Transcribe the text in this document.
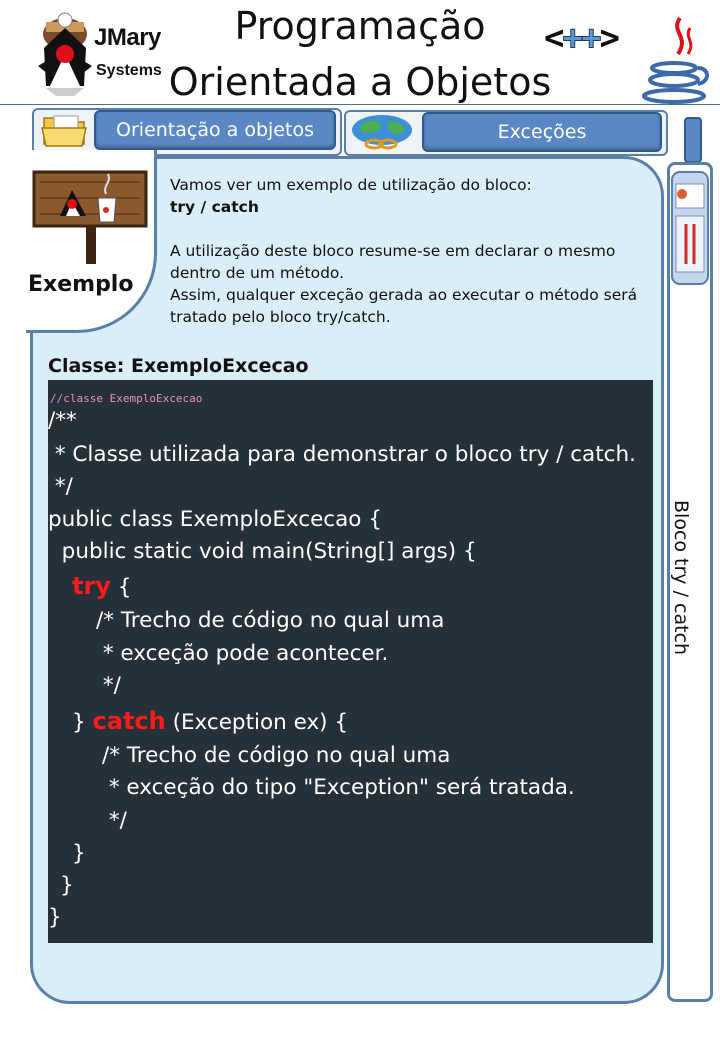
JMary
Systems
Programação
Orientada a Objetos
<++>
Orientação a objetos	Exceções
Bloco try / catch
Exemplo

Vamos ver um exemplo de utilização do bloco:

try / catch

A utilização deste bloco resume-se em declarar o mesmo dentro de um método.

Assim, qualquer exceção gerada ao executar o método será tratado pelo bloco try/catch.

Classe: ExemploExcecao
//classe ExemploExcecao
/**
* Classe utilizada para demonstrar o bloco try / catch.
*/
public class ExemploExcecao {
public static void main(String[] args) {
try {
/* Trecho de código no qual uma
* exceção pode acontecer.
*/
} catch (Exception ex) {
/* Trecho de código no qual uma
* exceção do tipo "Exception" será tratada.
*/
}
}
}
